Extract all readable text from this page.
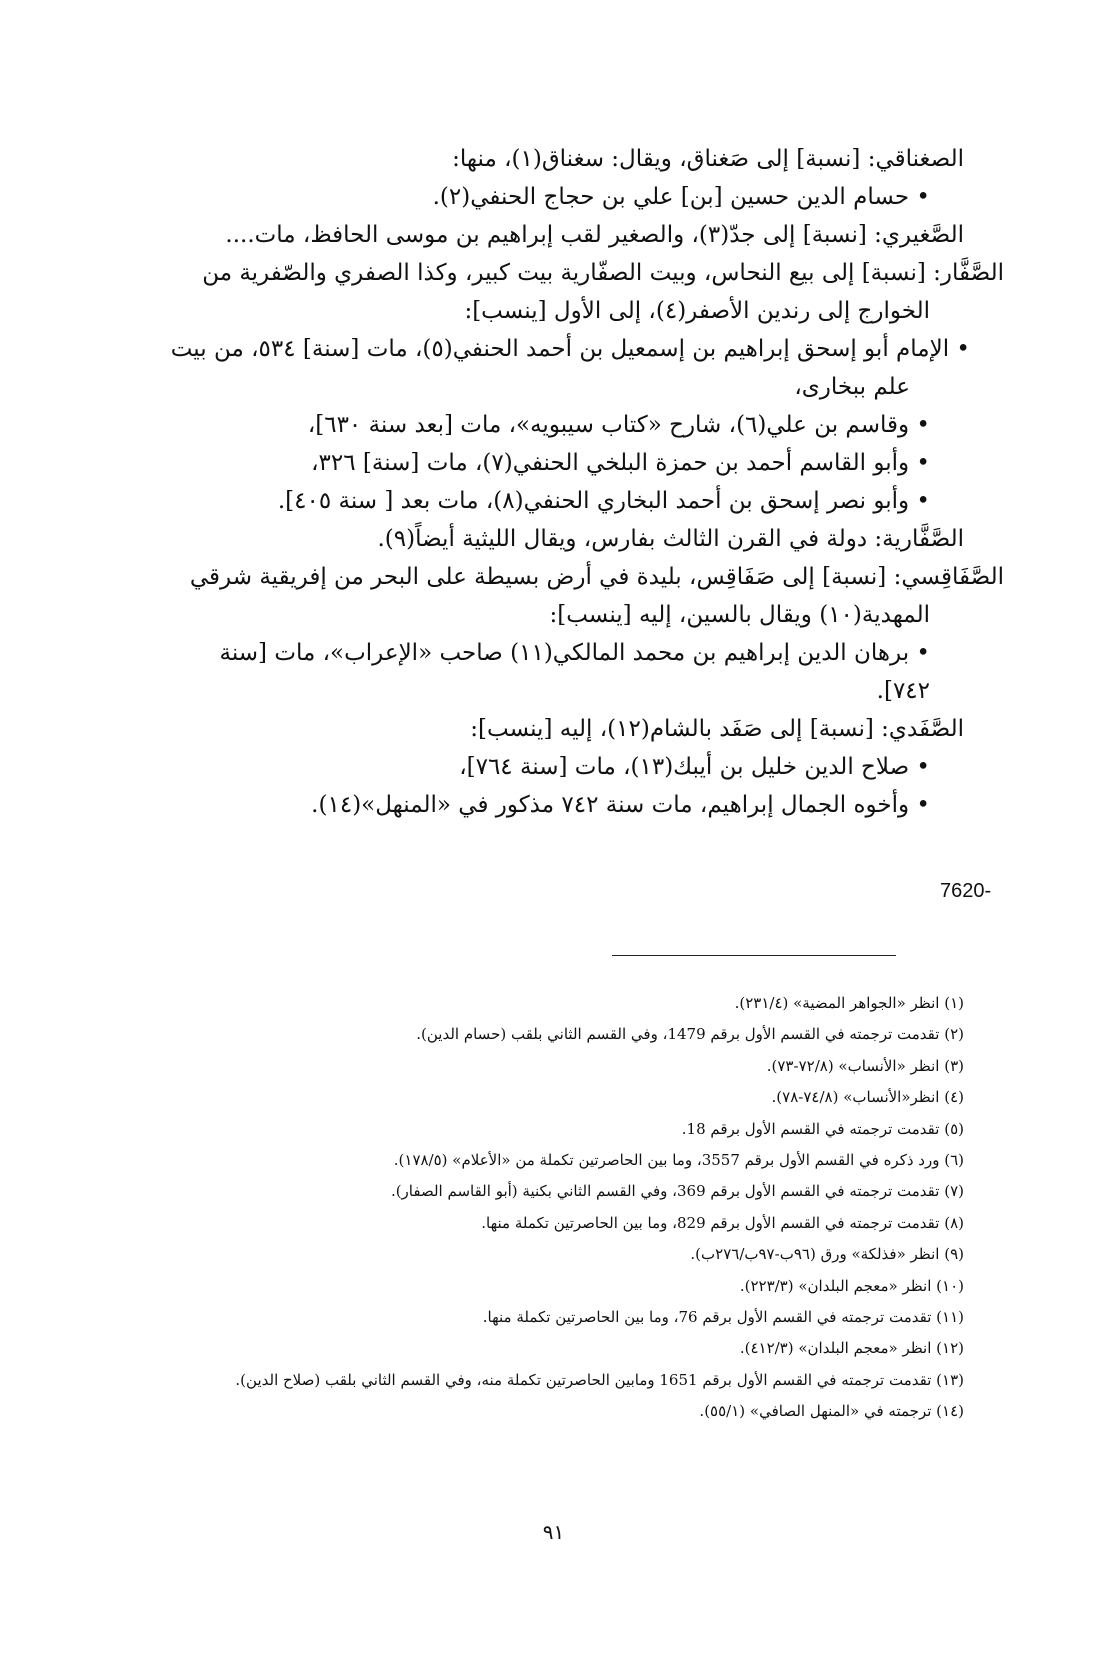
الصغناقي: [نسبة] إلى صَغناق، ويقال: سغناق(١)، منها:

• حسام الدين حسين [بن] علي بن حجاج الحنفي(٢).

الصَّغيري: [نسبة] إلى جدّ(٣)، والصغير لقب إبراهيم بن موسى الحافظ، مات....

الصَّفَّار: [نسبة] إلى بيع النحاس، وبيت الصفّارية بيت كبير، وكذا الصفري والصّفرية من

الخوارج إلى رندين الأصفر(٤)، إلى الأول [ينسب]:

• الإمام أبو إسحق إبراهيم بن إسمعيل بن أحمد الحنفي(٥)، مات [سنة] ٥٣٤، من بيت

علم ببخارى،

• وقاسم بن علي(٦)، شارح «كتاب سيبويه»، مات [بعد سنة ٦٣٠]،

• وأبو القاسم أحمد بن حمزة البلخي الحنفي(٧)، مات [سنة] ٣٢٦،

• وأبو نصر إسحق بن أحمد البخاري الحنفي(٨)، مات بعد [ سنة ٤٠٥].

الصَّفَّارية: دولة في القرن الثالث بفارس، ويقال الليثية أيضاً(٩).

الصَّفَاقِسي: [نسبة] إلى صَفَاقِس، بليدة في أرض بسيطة على البحر من إفريقية شرقي

المهدية(١٠) ويقال بالسين، إليه [ينسب]:

• برهان الدين إبراهيم بن محمد المالكي(١١) صاحب «الإعراب»، مات [سنة ٧٤٢].

الصَّفَدي: [نسبة] إلى صَفَد بالشام(١٢)، إليه [ينسب]:

• صلاح الدين خليل بن أيبك(١٣)، مات [سنة ٧٦٤]،

• وأخوه الجمال إبراهيم، مات سنة ٧٤٢ مذكور في «المنهل»(١٤).

7620-

(١) انظر «الجواهر المضية» (٢٣١/٤).

(٢) تقدمت ترجمته في القسم الأول برقم 1479، وفي القسم الثاني بلقب (حسام الدين).

(٣) انظر «الأنساب» (٧٢/٨-٧٣).

(٤) انظر«الأنساب» (٧٤/٨-٧٨).

(٥) تقدمت ترجمته في القسم الأول برقم 18.

(٦) ورد ذكره في القسم الأول برقم 3557، وما بين الحاصرتين تكملة من «الأعلام» (١٧٨/٥).

(٧) تقدمت ترجمته في القسم الأول برقم 369، وفي القسم الثاني بكنية (أبو القاسم الصفار).

(٨) تقدمت ترجمته في القسم الأول برقم 829، وما بين الحاصرتين تكملة منها.

(٩) انظر «فذلكة» ورق (٩٦ب-٩٧ب/٢٧٦ب).

(١٠) انظر «معجم البلدان» (٢٢٣/٣).

(١١) تقدمت ترجمته في القسم الأول برقم 76، وما بين الحاصرتين تكملة منها.

(١٢) انظر «معجم البلدان» (٤١٢/٣).

(١٣) تقدمت ترجمته في القسم الأول برقم 1651 ومابين الحاصرتين تكملة منه، وفي القسم الثاني بلقب (صلاح الدين).

(١٤) ترجمته في «المنهل الصافي» (٥٥/١).

٩١
